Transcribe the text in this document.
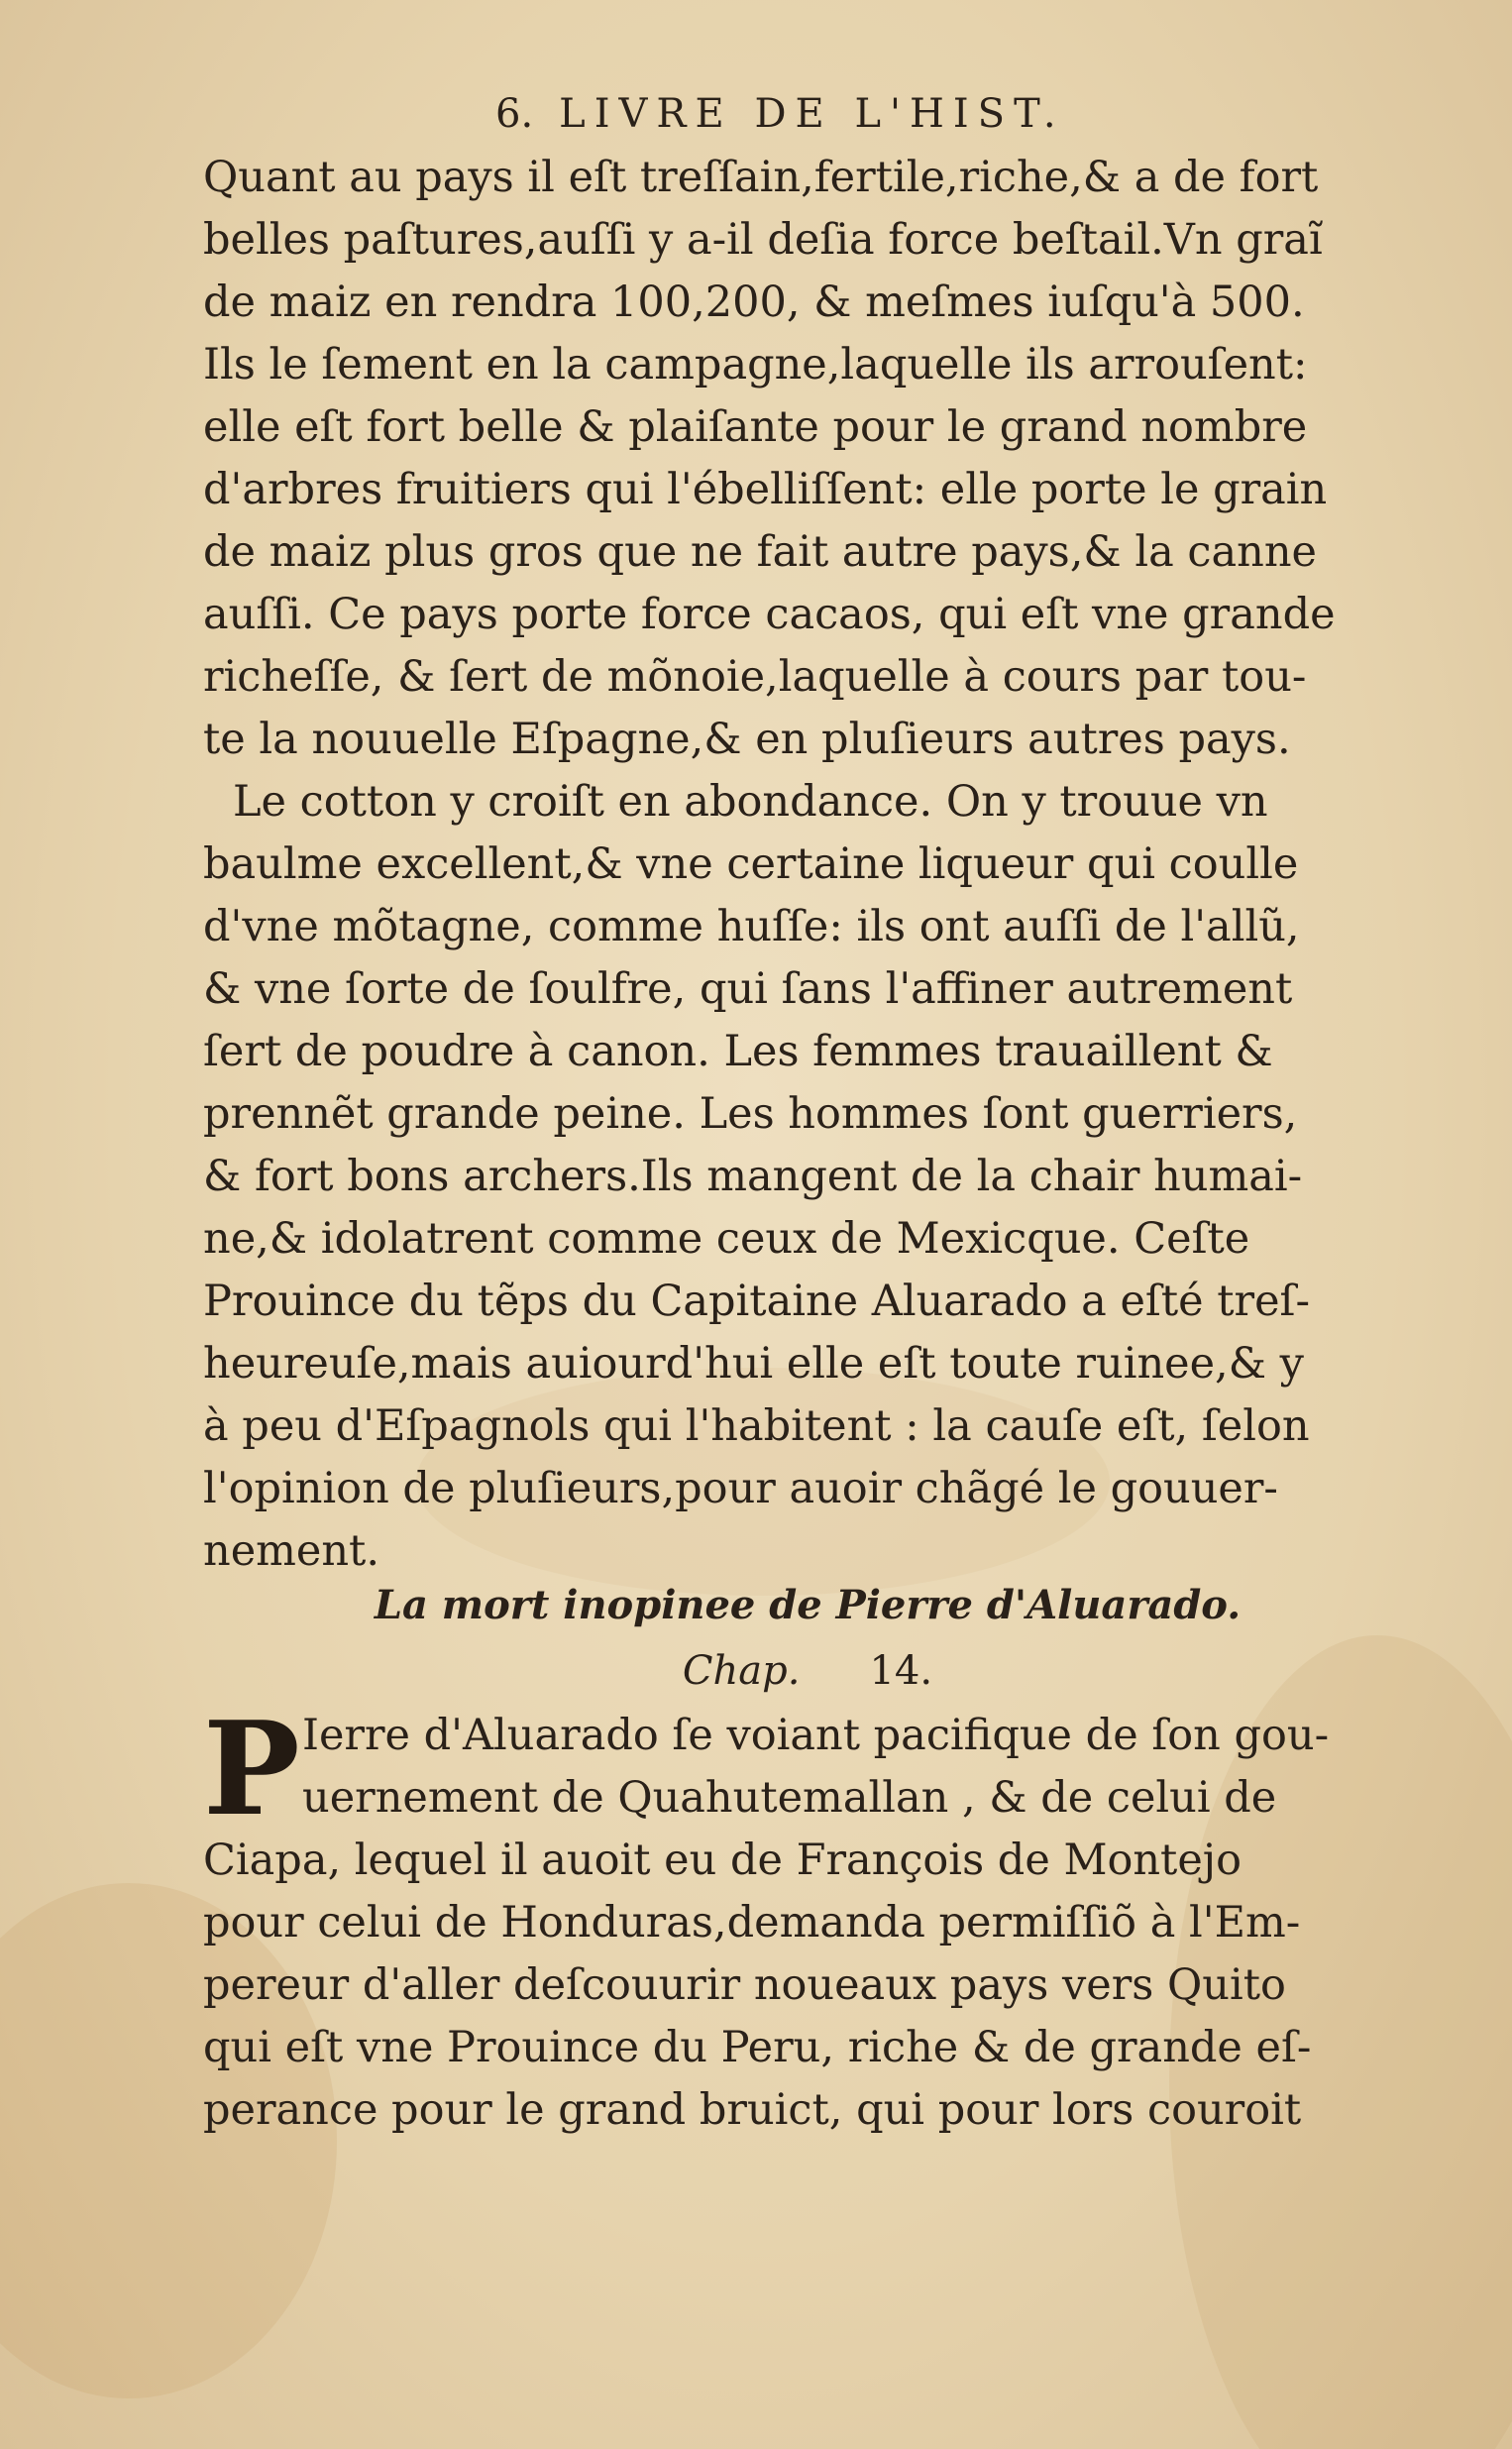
6. LIVRE DE L'HIST.
Quant au pays il eſt treſſain,fertile,riche,& a de fort
belles paſtures,auſſi y a-il deſia force beſtail.Vn graĩ
de maiz en rendra 100,200, & meſmes iuſqu'à 500.
Ils le ſement en la campagne,laquelle ils arrouſent:
elle eſt fort belle & plaiſante pour le grand nombre
d'arbres fruitiers qui l'ébelliſſent: elle porte le grain
de maiz plus gros que ne fait autre pays,& la canne
auſſi. Ce pays porte force cacaos, qui eſt vne grande
richeſſe, & ſert de mõnoie,laquelle à cours par tou-
te la nouuelle Eſpagne,& en pluſieurs autres pays.
Le cotton y croiſt en abondance. On y trouue vn
baulme excellent,& vne certaine liqueur qui coulle
d'vne mõtagne, comme huſſe: ils ont auſſi de l'allũ,
& vne ſorte de ſoulfre, qui ſans l'affiner autrement
ſert de poudre à canon. Les femmes trauaillent &
prennẽt grande peine. Les hommes ſont guerriers,
& fort bons archers.Ils mangent de la chair humai-
ne,& idolatrent comme ceux de Mexicque. Ceſte
Prouince du tẽps du Capitaine Aluarado a eſté treſ-
heureuſe,mais auiourd'hui elle eſt toute ruinee,& y
à peu d'Eſpagnols qui l'habitent : la cauſe eſt, ſelon
l'opinion de pluſieurs,pour auoir chãgé le gouuer-
nement.
La mort inopinee de Pierre d'Aluarado.
Chap. 14.
P Ierre d'Aluarado ſe voiant pacifique de ſon gou-
uernement de Quahutemallan , & de celui de
Ciapa, lequel il auoit eu de François de Montejo
pour celui de Honduras,demanda permiſſiõ à l'Em-
pereur d'aller deſcouurir noueaux pays vers Quito
qui eſt vne Prouince du Peru, riche & de grande eſ-
perance pour le grand bruict, qui pour lors couroit
